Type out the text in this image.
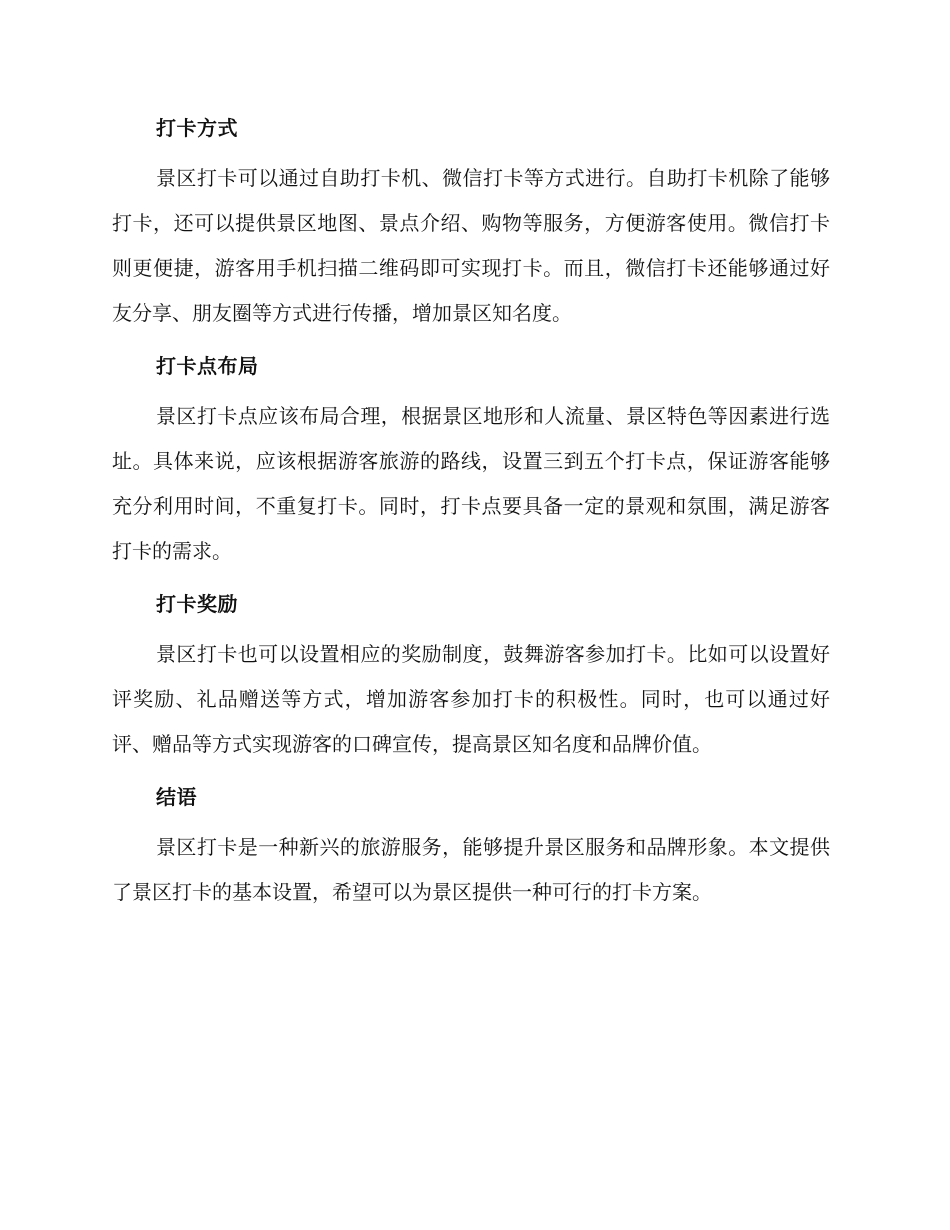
打卡方式

景区打卡可以通过自助打卡机、微信打卡等方式进行。自助打卡机除了能够打卡，还可以提供景区地图、景点介绍、购物等服务，方便游客使用。微信打卡则更便捷，游客用手机扫描二维码即可实现打卡。而且，微信打卡还能够通过好友分享、朋友圈等方式进行传播，增加景区知名度。

打卡点布局

景区打卡点应该布局合理，根据景区地形和人流量、景区特色等因素进行选址。具体来说，应该根据游客旅游的路线，设置三到五个打卡点，保证游客能够充分利用时间，不重复打卡。同时，打卡点要具备一定的景观和氛围，满足游客打卡的需求。

打卡奖励

景区打卡也可以设置相应的奖励制度，鼓舞游客参加打卡。比如可以设置好评奖励、礼品赠送等方式，增加游客参加打卡的积极性。同时，也可以通过好评、赠品等方式实现游客的口碑宣传，提高景区知名度和品牌价值。

结语

景区打卡是一种新兴的旅游服务，能够提升景区服务和品牌形象。本文提供了景区打卡的基本设置，希望可以为景区提供一种可行的打卡方案。
